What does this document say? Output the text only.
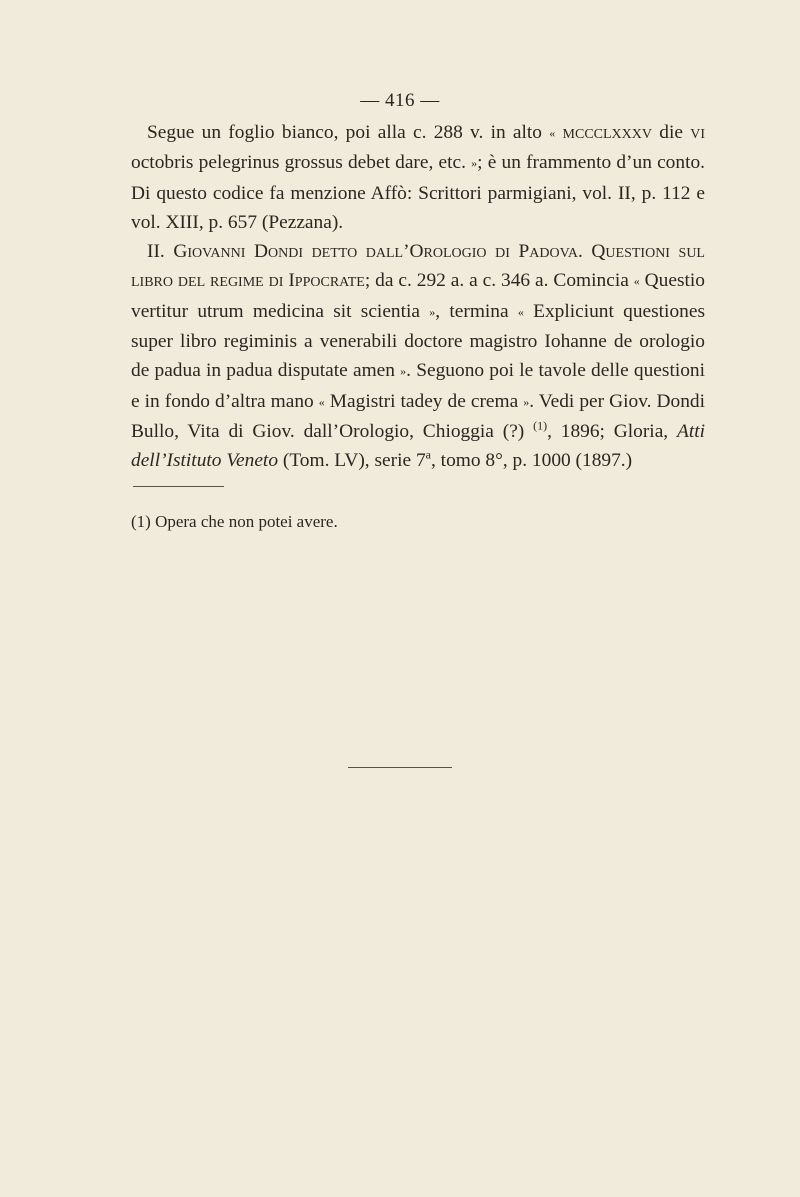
— 416 —

Segue un foglio bianco, poi alla c. 288 v. in alto « mccclxxxv die vi octobris pelegrinus grossus debet dare, etc. »; è un frammento d’un conto. Di questo codice fa menzione Affò: Scrittori parmigiani, vol. II, p. 112 e vol. XIII, p. 657 (Pezzana).

II. Giovanni Dondi detto dall’Orologio di Padova. Questioni sul libro del regime di Ippocrate; da c. 292 a. a c. 346 a. Comincia « Questio vertitur utrum medicina sit scientia », termina « Expliciunt questiones super libro regiminis a venerabili doctore magistro Iohanne de orologio de padua in padua disputate amen ». Seguono poi le tavole delle questioni e in fondo d’altra mano « Magistri tadey de crema ». Vedi per Giov. Dondi Bullo, Vita di Giov. dall’Orologio, Chioggia (?) $^{(1)}$, 1896; Gloria, Atti dell’Istituto Veneto (Tom. LV), serie 7$^a$, tomo 8°, p. 1000 (1897.)

(1) Opera che non potei avere.
